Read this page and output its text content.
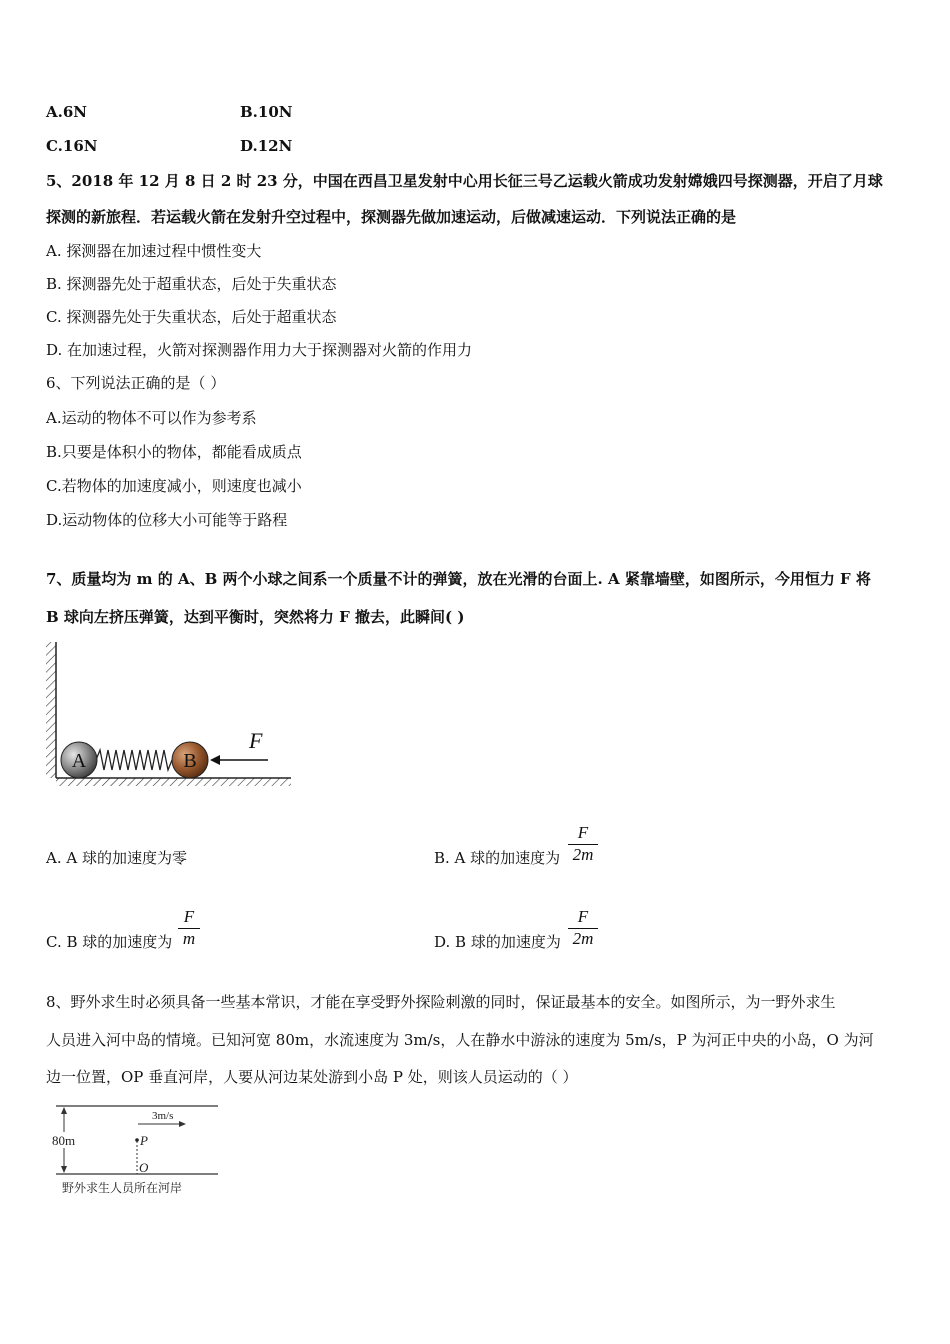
A.6N	B.10N
C.16N	D.12N
5、2018 年 12 月 8 日 2 时 23 分，中国在西昌卫星发射中心用长征三号乙运载火箭成功发射嫦娥四号探测器，开启了月球
探测的新旅程．若运载火箭在发射升空过程中，探测器先做加速运动，后做减速运动．下列说法正确的是
A. 探测器在加速过程中惯性变大
B. 探测器先处于超重状态，后处于失重状态
C. 探测器先处于失重状态，后处于超重状态
D. 在加速过程，火箭对探测器作用力大于探测器对火箭的作用力
6、下列说法正确的是（ ）
A.运动的物体不可以作为参考系
B.只要是体积小的物体，都能看成质点
C.若物体的加速度减小，则速度也减小
D.运动物体的位移大小可能等于路程
7、质量均为 m 的 A、B 两个小球之间系一个质量不计的弹簧，放在光滑的台面上. A 紧靠墙壁，如图所示，今用恒力 F 将
B 球向左挤压弹簧，达到平衡时，突然将力 F 撤去，此瞬间( )
A	B
F
A. A 球的加速度为零	B. A 球的加速度为
F
2m
C. B 球的加速度为
F
m	D. B 球的加速度为
F
2m
8、野外求生时必须具备一些基本常识，才能在享受野外探险刺激的同时，保证最基本的安全。如图所示，为一野外求生
人员进入河中岛的情境。已知河宽 80m，水流速度为 3m/s，人在静水中游泳的速度为 5m/s，P 为河正中央的小岛，O 为河
边一位置，OP 垂直河岸，人要从河边某处游到小岛 P 处，则该人员运动的（ ）
80m
3m/s
P
O
野外求生人员所在河岸
